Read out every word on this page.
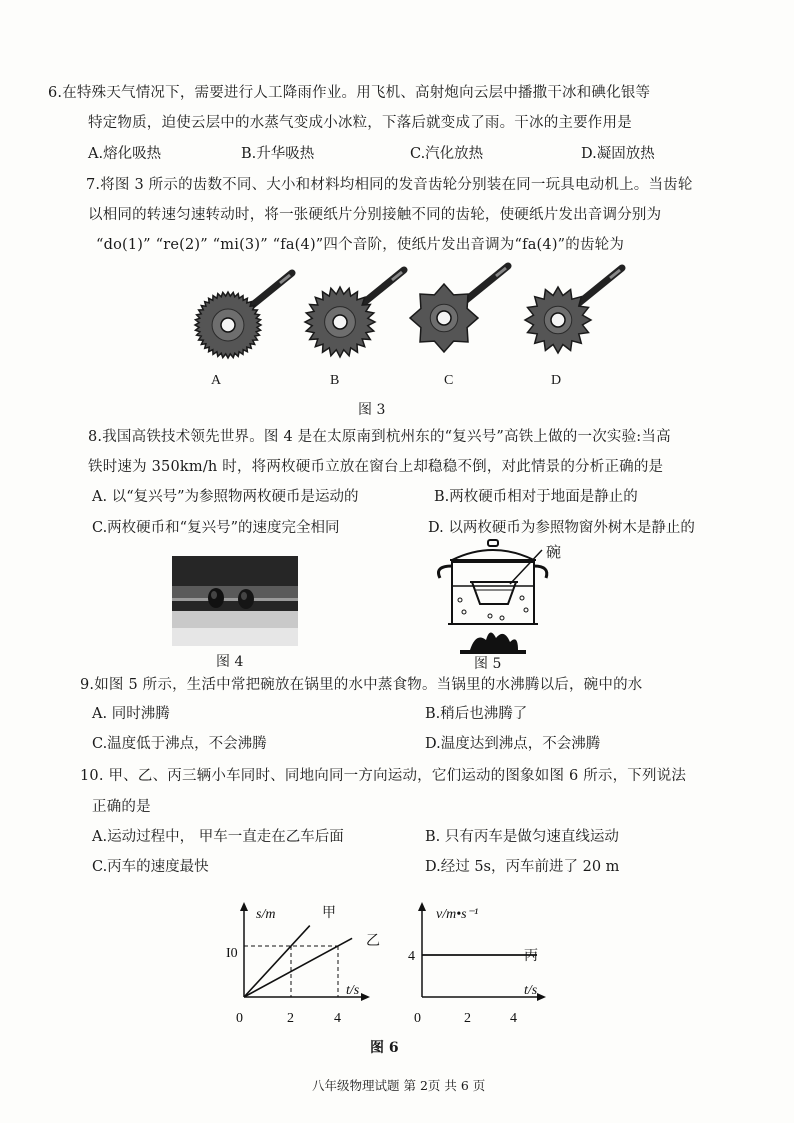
6.在特殊天气情况下，需要进行人工降雨作业。用飞机、高射炮向云层中播撒干冰和碘化银等
特定物质，迫使云层中的水蒸气变成小冰粒，下落后就变成了雨。干冰的主要作用是
A.熔化吸热	B.升华吸热	C.汽化放热	D.凝固放热
7.将图 3 所示的齿数不同、大小和材料均相同的发音齿轮分别装在同一玩具电动机上。当齿轮
以相同的转速匀速转动时，将一张硬纸片分别接触不同的齿轮，使硬纸片发出音调分别为
“do(1)” “re(2)” “mi(3)” “fa(4)”四个音阶，使纸片发出音调为“fa(4)”的齿轮为
A	B	C	D
图 3
8.我国高铁技术领先世界。图 4 是在太原南到杭州东的“复兴号”高铁上做的一次实验:当高
铁时速为 350km/h 时，将两枚硬币立放在窗台上却稳稳不倒，对此情景的分析正确的是
A. 以“复兴号”为参照物两枚硬币是运动的	B.两枚硬币相对于地面是静止的
C.两枚硬币和“复兴号”的速度完全相同	D. 以两枚硬币为参照物窗外树木是静止的
图 4
碗
图 5
9.如图 5 所示，生活中常把碗放在锅里的水中蒸食物。当锅里的水沸腾以后，碗中的水
A. 同时沸腾	B.稍后也沸腾了
C.温度低于沸点，不会沸腾	D.温度达到沸点，不会沸腾
10. 甲、乙、丙三辆小车同时、同地向同一方向运动，它们运动的图象如图 6 所示，下列说法
正确的是
A.运动过程中， 甲车一直走在乙车后面	B. 只有丙车是做匀速直线运动
C.丙车的速度最快	D.经过 5s，丙车前进了 20 m
s/m
t/s
0	2	4
I0
甲
乙
v/m•s⁻¹
t/s
0	2	4
4	丙
图 6
八年级物理试题 第 2页 共 6 页
